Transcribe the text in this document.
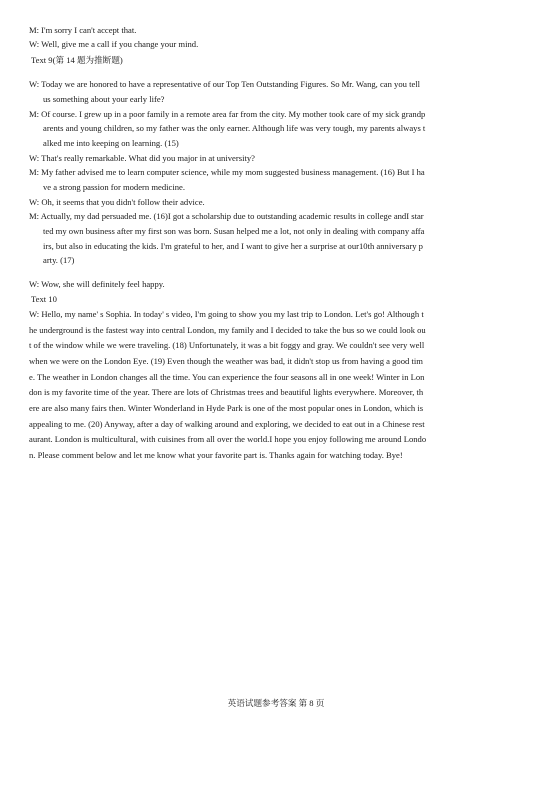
M: I'm sorry I can't accept that.
W: Well, give me a call if you change your mind.
Text 9(第 14 题为推断题)
W: Today we are honored to have a representative of our Top Ten Outstanding Figures. So Mr. Wang, can you tell
us something about your early life?
M: Of course. I grew up in a poor family in a remote area far from the city. My mother took care of my sick grandp
arents and young children, so my father was the only earner. Although life was very tough, my parents always t
alked me into keeping on learning. (15)
W: That's really remarkable. What did you major in at university?
M: My father advised me to learn computer science, while my mom suggested business management. (16) But I ha
ve a strong passion for modern medicine.
W: Oh, it seems that you didn't follow their advice.
M: Actually, my dad persuaded me. (16)I got a scholarship due to outstanding academic results in college andI star
ted my own business after my first son was born. Susan helped me a lot, not only in dealing with company affa
irs, but also in educating the kids. I'm grateful to her, and I want to give her a surprise at our10th anniversary p
arty. (17)
W: Wow, she will definitely feel happy.
Text 10
W: Hello, my name' s Sophia. In today' s video, I'm going to show you my last trip to London. Let's go! Although t
he underground is the fastest way into central London, my family and I decided to take the bus so we could look ou
t of the window while we were traveling. (18) Unfortunately, it was a bit foggy and gray. We couldn't see very well
when we were on the London Eye. (19) Even though the weather was bad, it didn't stop us from having a good tim
e. The weather in London changes all the time. You can experience the four seasons all in one week! Winter in Lon
don is my favorite time of the year. There are lots of Christmas trees and beautiful lights everywhere. Moreover, th
ere are also many fairs then. Winter Wonderland in Hyde Park is one of the most popular ones in London, which is
appealing to me. (20) Anyway, after a day of walking around and exploring, we decided to eat out in a Chinese rest
aurant. London is multicultural, with cuisines from all over the world.I hope you enjoy following me around Londo
n. Please comment below and let me know what your favorite part is. Thanks again for watching today. Bye!
英语试题参考答案 第 8 页
